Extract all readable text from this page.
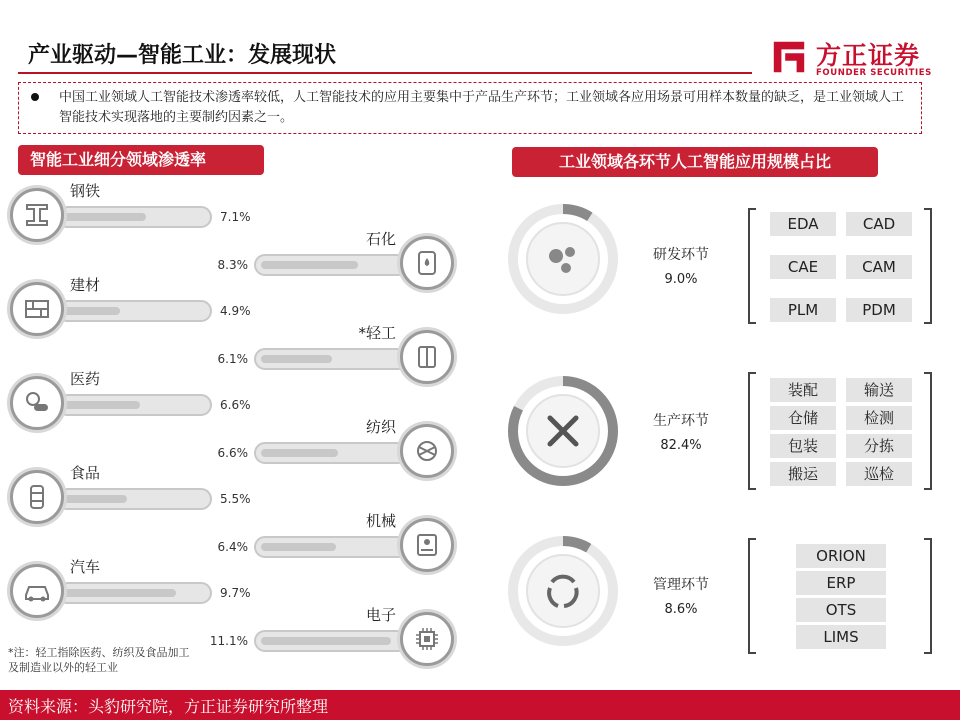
产业驱动—智能工业：发展现状	方正证券
FOUNDER SECURITIES
中国工业领域人工智能技术渗透率较低，人工智能技术的应用主要集中于产品生产环节；工业领域各应用场景可用样本数量的缺乏，是工业领域人工智能技术实现落地的主要制约因素之一。
智能工业细分领域渗透率	工业领域各环节人工智能应用规模占比
钢铁
7.1%
石化
8.3%
建材
4.9%
*轻工
6.1%
医药
6.6%
纺织
6.6%
食品
5.5%
机械
6.4%
汽车
9.7%
电子
11.1%
*注：轻工指除医药、纺织及食品加工及制造业以外的轻工业
研发环节
9.0%
生产环节
82.4%
管理环节
8.6%
EDA	CAD
CAE	CAM
PLM	PDM
装配	输送
仓储	检测
包装	分拣
搬运	巡检
ORION
ERP
OTS
LIMS
资料来源：头豹研究院，方正证券研究所整理
